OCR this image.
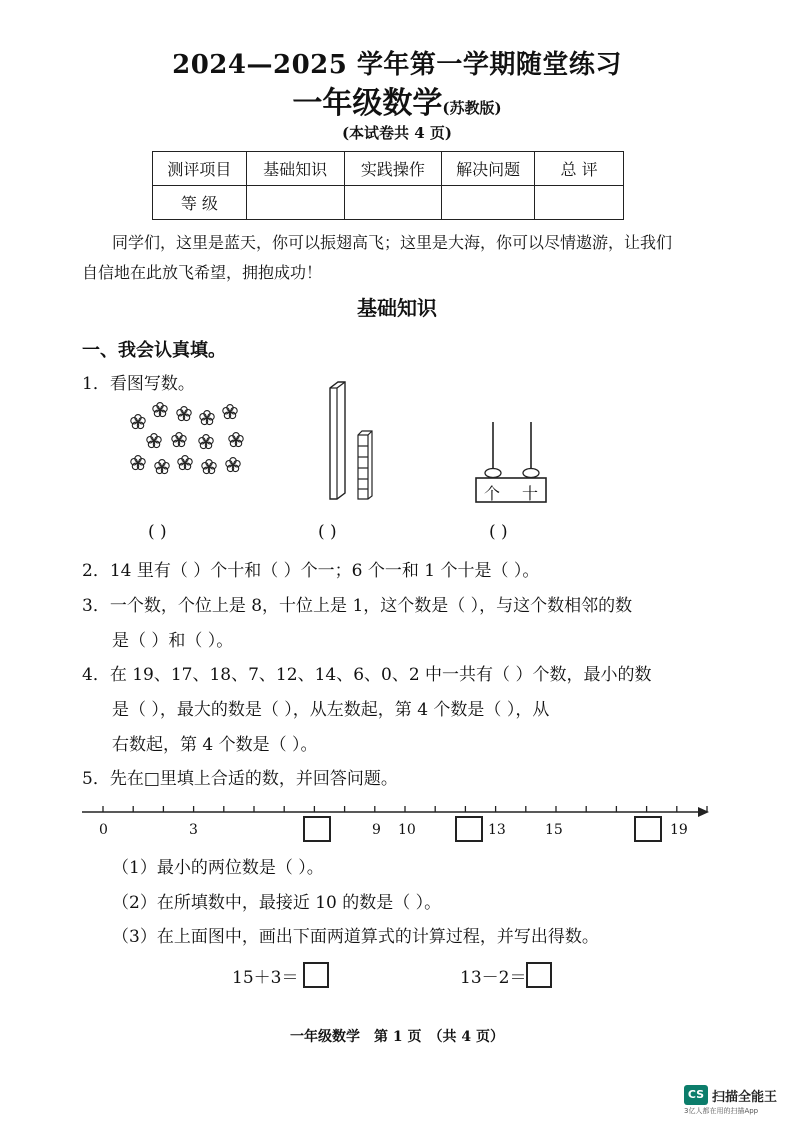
2024—2025 学年第一学期随堂练习
一年级数学(苏教版)
(本试卷共 4 页)
测评项目	基础知识	实践操作	解决问题	总 评
等 级				
同学们，这里是蓝天，你可以振翅高飞；这里是大海，你可以尽情遨游，让我们
自信地在此放飞希望，拥抱成功！
基础知识
一、我会认真填。
1．看图写数。
个 十
( )	( )	( )
2．14 里有（ ）个十和（ ）个一；6 个一和 1 个十是（ ）。
3．一个数，个位上是 8，十位上是 1，这个数是（ ），与这个数相邻的数
是（ ）和（ ）。
4．在 19、17、18、7、12、14、6、0、2 中一共有（ ）个数，最小的数
是（ ），最大的数是（ ），从左数起，第 4 个数是（ ），从
右数起，第 4 个数是（ ）。
5．先在□里填上合适的数，并回答问题。
0	3	9 10	13	15	19
（1）最小的两位数是（ ）。
（2）在所填数中，最接近 10 的数是（ ）。
（3）在上面图中，画出下面两道算式的计算过程，并写出得数。
15＋3＝	13－2＝
一年级数学　第 1 页　（共 4 页）
CS 扫描全能王
3亿人都在用的扫描App
